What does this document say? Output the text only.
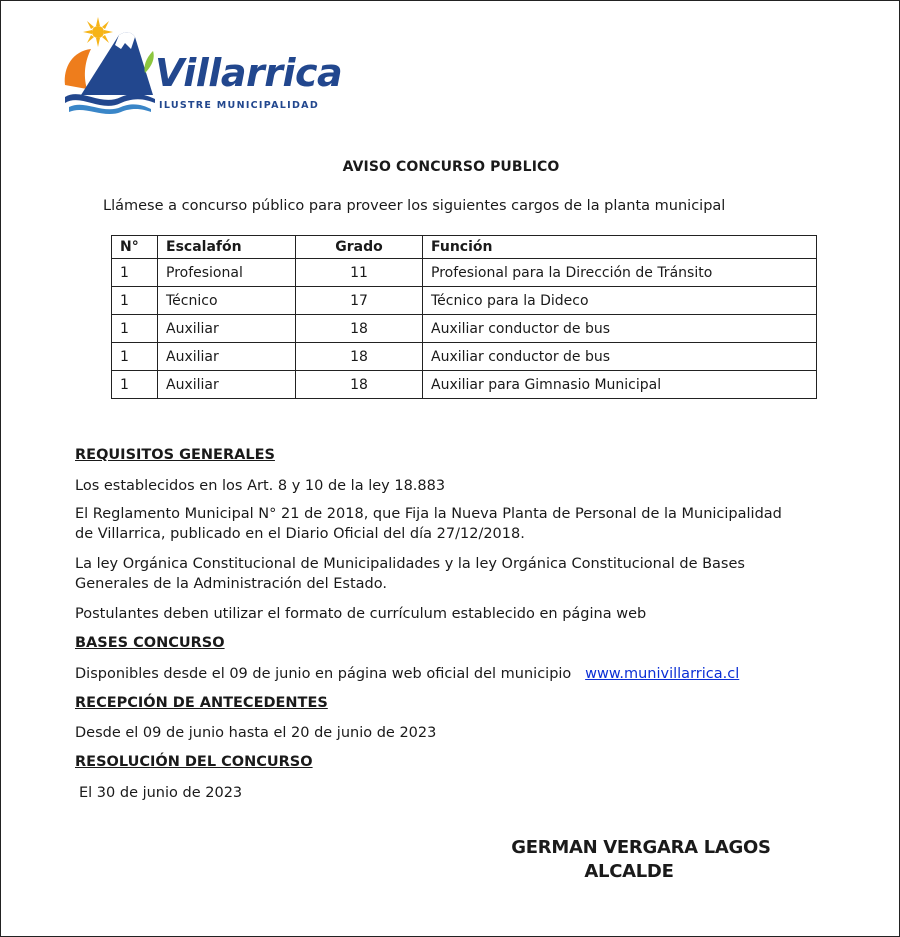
Villarrica
ILUSTRE MUNICIPALIDAD
AVISO CONCURSO PUBLICO
Llámese a concurso público para proveer los siguientes cargos de la planta municipal
N°	Escalafón	Grado	Función
1	Profesional	11	Profesional para la Dirección de Tránsito
1	Técnico	17	Técnico para la Dideco
1	Auxiliar	18	Auxiliar conductor de bus
1	Auxiliar	18	Auxiliar conductor de bus
1	Auxiliar	18	Auxiliar para Gimnasio Municipal
REQUISITOS GENERALES
Los establecidos en los Art. 8 y 10 de la ley 18.883
El Reglamento Municipal N° 21 de 2018, que Fija la Nueva Planta de Personal de la Municipalidad
de Villarrica, publicado en el Diario Oficial del día 27/12/2018.
La ley Orgánica Constitucional de Municipalidades y la ley Orgánica Constitucional de Bases
Generales de la Administración del Estado.
Postulantes deben utilizar el formato de currículum establecido en página web
BASES CONCURSO
Disponibles desde el 09 de junio en página web oficial del municipio www.munivillarrica.cl
RECEPCIÓN DE ANTECEDENTES
Desde el 09 de junio hasta el 20 de junio de 2023
RESOLUCIÓN DEL CONCURSO
El 30 de junio de 2023
GERMAN VERGARA LAGOS
ALCALDE
